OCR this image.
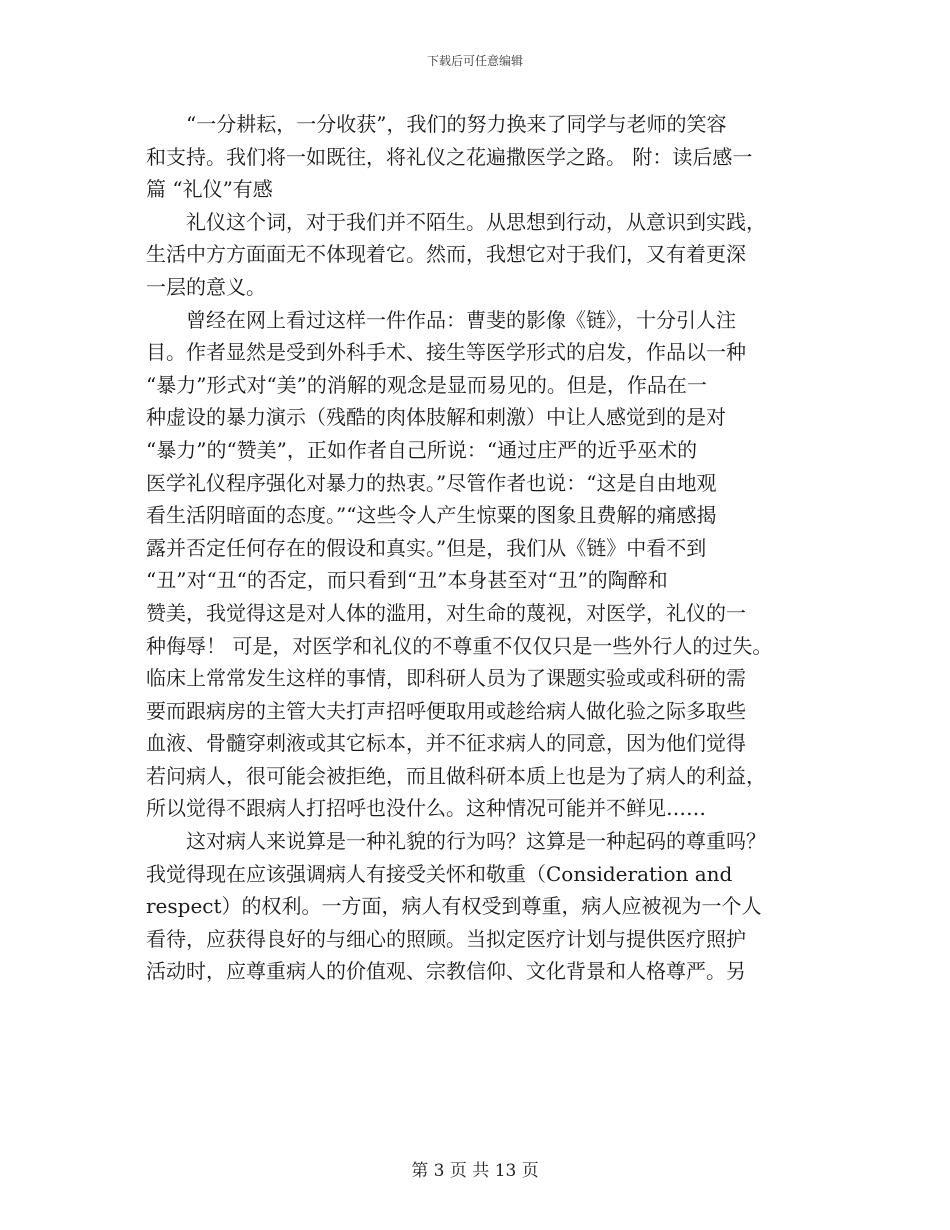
下载后可任意编辑
“一分耕耘，一分收获”，我们的努力换来了同学与老师的笑容
和支持。我们将一如既往，将礼仪之花遍撒医学之路。 附：读后感一
篇 “礼仪”有感
礼仪这个词，对于我们并不陌生。从思想到行动，从意识到实践，
生活中方方面面无不体现着它。然而，我想它对于我们，又有着更深
一层的意义。
曾经在网上看过这样一件作品：曹斐的影像《链》，十分引人注
目。作者显然是受到外科手术、接生等医学形式的启发，作品以一种
“暴力”形式对“美”的消解的观念是显而易见的。但是，作品在一
种虚设的暴力演示（残酷的肉体肢解和刺激）中让人感觉到的是对
“暴力”的“赞美”，正如作者自己所说：“通过庄严的近乎巫术的
医学礼仪程序强化对暴力的热衷。”尽管作者也说：“这是自由地观
看生活阴暗面的态度。”“这些令人产生惊粟的图象且费解的痛感揭
露并否定任何存在的假设和真实。”但是，我们从《链》中看不到
“丑”对“丑“的否定，而只看到“丑”本身甚至对“丑”的陶醉和
赞美，我觉得这是对人体的滥用，对生命的蔑视，对医学，礼仪的一
种侮辱！ 可是，对医学和礼仪的不尊重不仅仅只是一些外行人的过失。
临床上常常发生这样的事情，即科研人员为了课题实验或或科研的需
要而跟病房的主管大夫打声招呼便取用或趁给病人做化验之际多取些
血液、骨髓穿刺液或其它标本，并不征求病人的同意，因为他们觉得
若问病人，很可能会被拒绝，而且做科研本质上也是为了病人的利益，
所以觉得不跟病人打招呼也没什么。这种情况可能并不鲜见……
这对病人来说算是一种礼貌的行为吗？这算是一种起码的尊重吗？
我觉得现在应该强调病人有接受关怀和敬重（Consideration and
respect）的权利。一方面，病人有权受到尊重，病人应被视为一个人
看待，应获得良好的与细心的照顾。当拟定医疗计划与提供医疗照护
活动时，应尊重病人的价值观、宗教信仰、文化背景和人格尊严。另
第 3 页 共 13 页
